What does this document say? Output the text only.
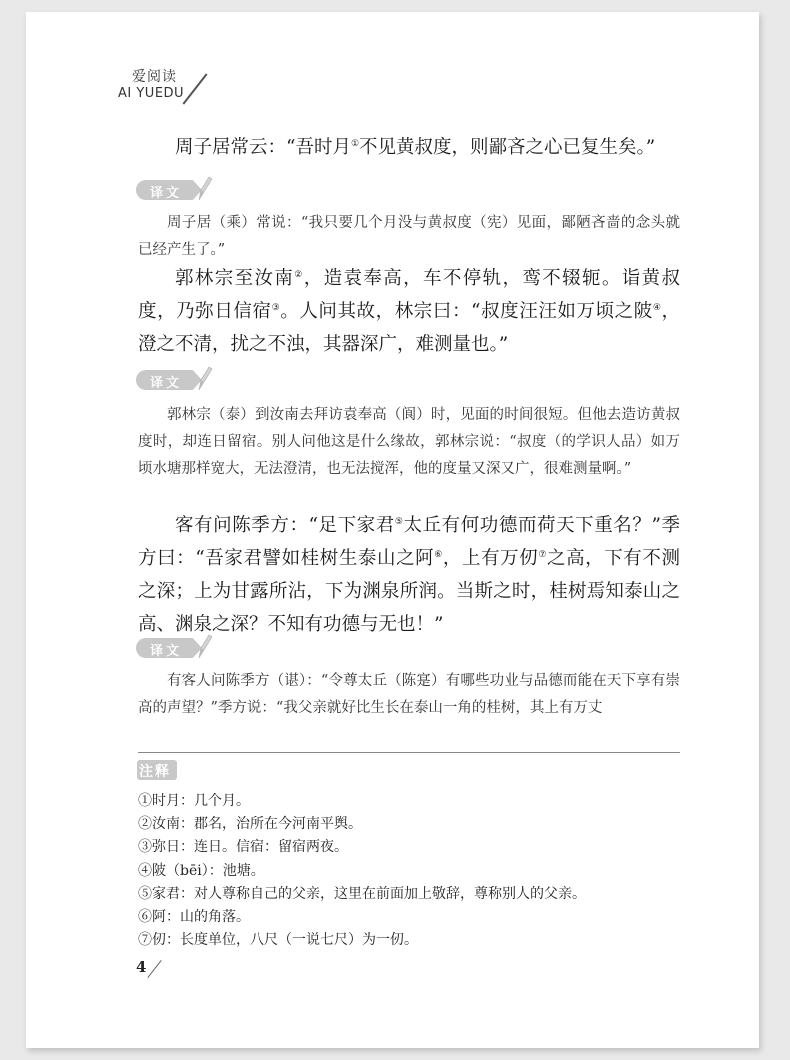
爱阅读
AI YUEDU

周子居常云：“吾时月①不见黄叔度，则鄙吝之心已复生矣。”

译文

周子居（乘）常说：“我只要几个月没与黄叔度（宪）见面，鄙陋吝啬的念头就已经产生了。”

郭林宗至汝南②，造袁奉高，车不停轨，鸾不辍轭。诣黄叔度，乃弥日信宿③。人问其故，林宗曰：“叔度汪汪如万顷之陂④，澄之不清，扰之不浊，其器深广，难测量也。”

译文

郭林宗（泰）到汝南去拜访袁奉高（阆）时，见面的时间很短。但他去造访黄叔度时，却连日留宿。别人问他这是什么缘故，郭林宗说：“叔度（的学识人品）如万顷水塘那样宽大，无法澄清，也无法搅浑，他的度量又深又广，很难测量啊。”

客有问陈季方：“足下家君⑤太丘有何功德而荷天下重名？”季方曰：“吾家君譬如桂树生泰山之阿⑥，上有万仞⑦之高，下有不测之深；上为甘露所沾，下为渊泉所润。当斯之时，桂树焉知泰山之高、渊泉之深？不知有功德与无也！”

译文

有客人问陈季方（谌）：“令尊太丘（陈寔）有哪些功业与品德而能在天下享有崇高的声望？”季方说：“我父亲就好比生长在泰山一角的桂树，其上有万丈

注释
①时月：几个月。
②汝南：郡名，治所在今河南平舆。
③弥日：连日。信宿：留宿两夜。
④陂（bēi）：池塘。
⑤家君：对人尊称自己的父亲，这里在前面加上敬辞，尊称别人的父亲。
⑥阿：山的角落。
⑦仞：长度单位，八尺（一说七尺）为一仞。
4
